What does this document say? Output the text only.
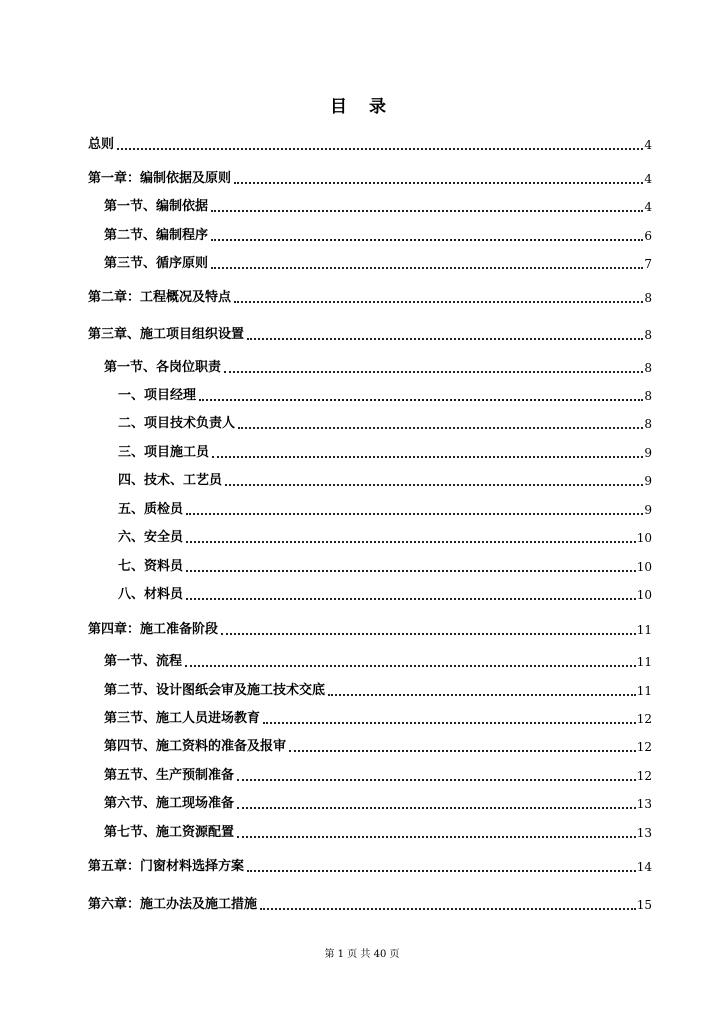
目 录
总则	4
第一章：编制依据及原则	4
第一节、编制依据	4
第二节、编制程序	6
第三节、循序原则	7
第二章：工程概况及特点	8
第三章、施工项目组织设置	8
第一节、各岗位职责	8
一、项目经理	8
二、项目技术负责人	8
三、项目施工员	9
四、技术、工艺员	9
五、质检员	9
六、安全员	10
七、资料员	10
八、材料员	10
第四章：施工准备阶段	11
第一节、流程	11
第二节、设计图纸会审及施工技术交底	11
第三节、施工人员进场教育	12
第四节、施工资料的准备及报审	12
第五节、生产预制准备	12
第六节、施工现场准备	13
第七节、施工资源配置	13
第五章：门窗材料选择方案	14
第六章：施工办法及施工措施	15
第 1 页 共 40 页
